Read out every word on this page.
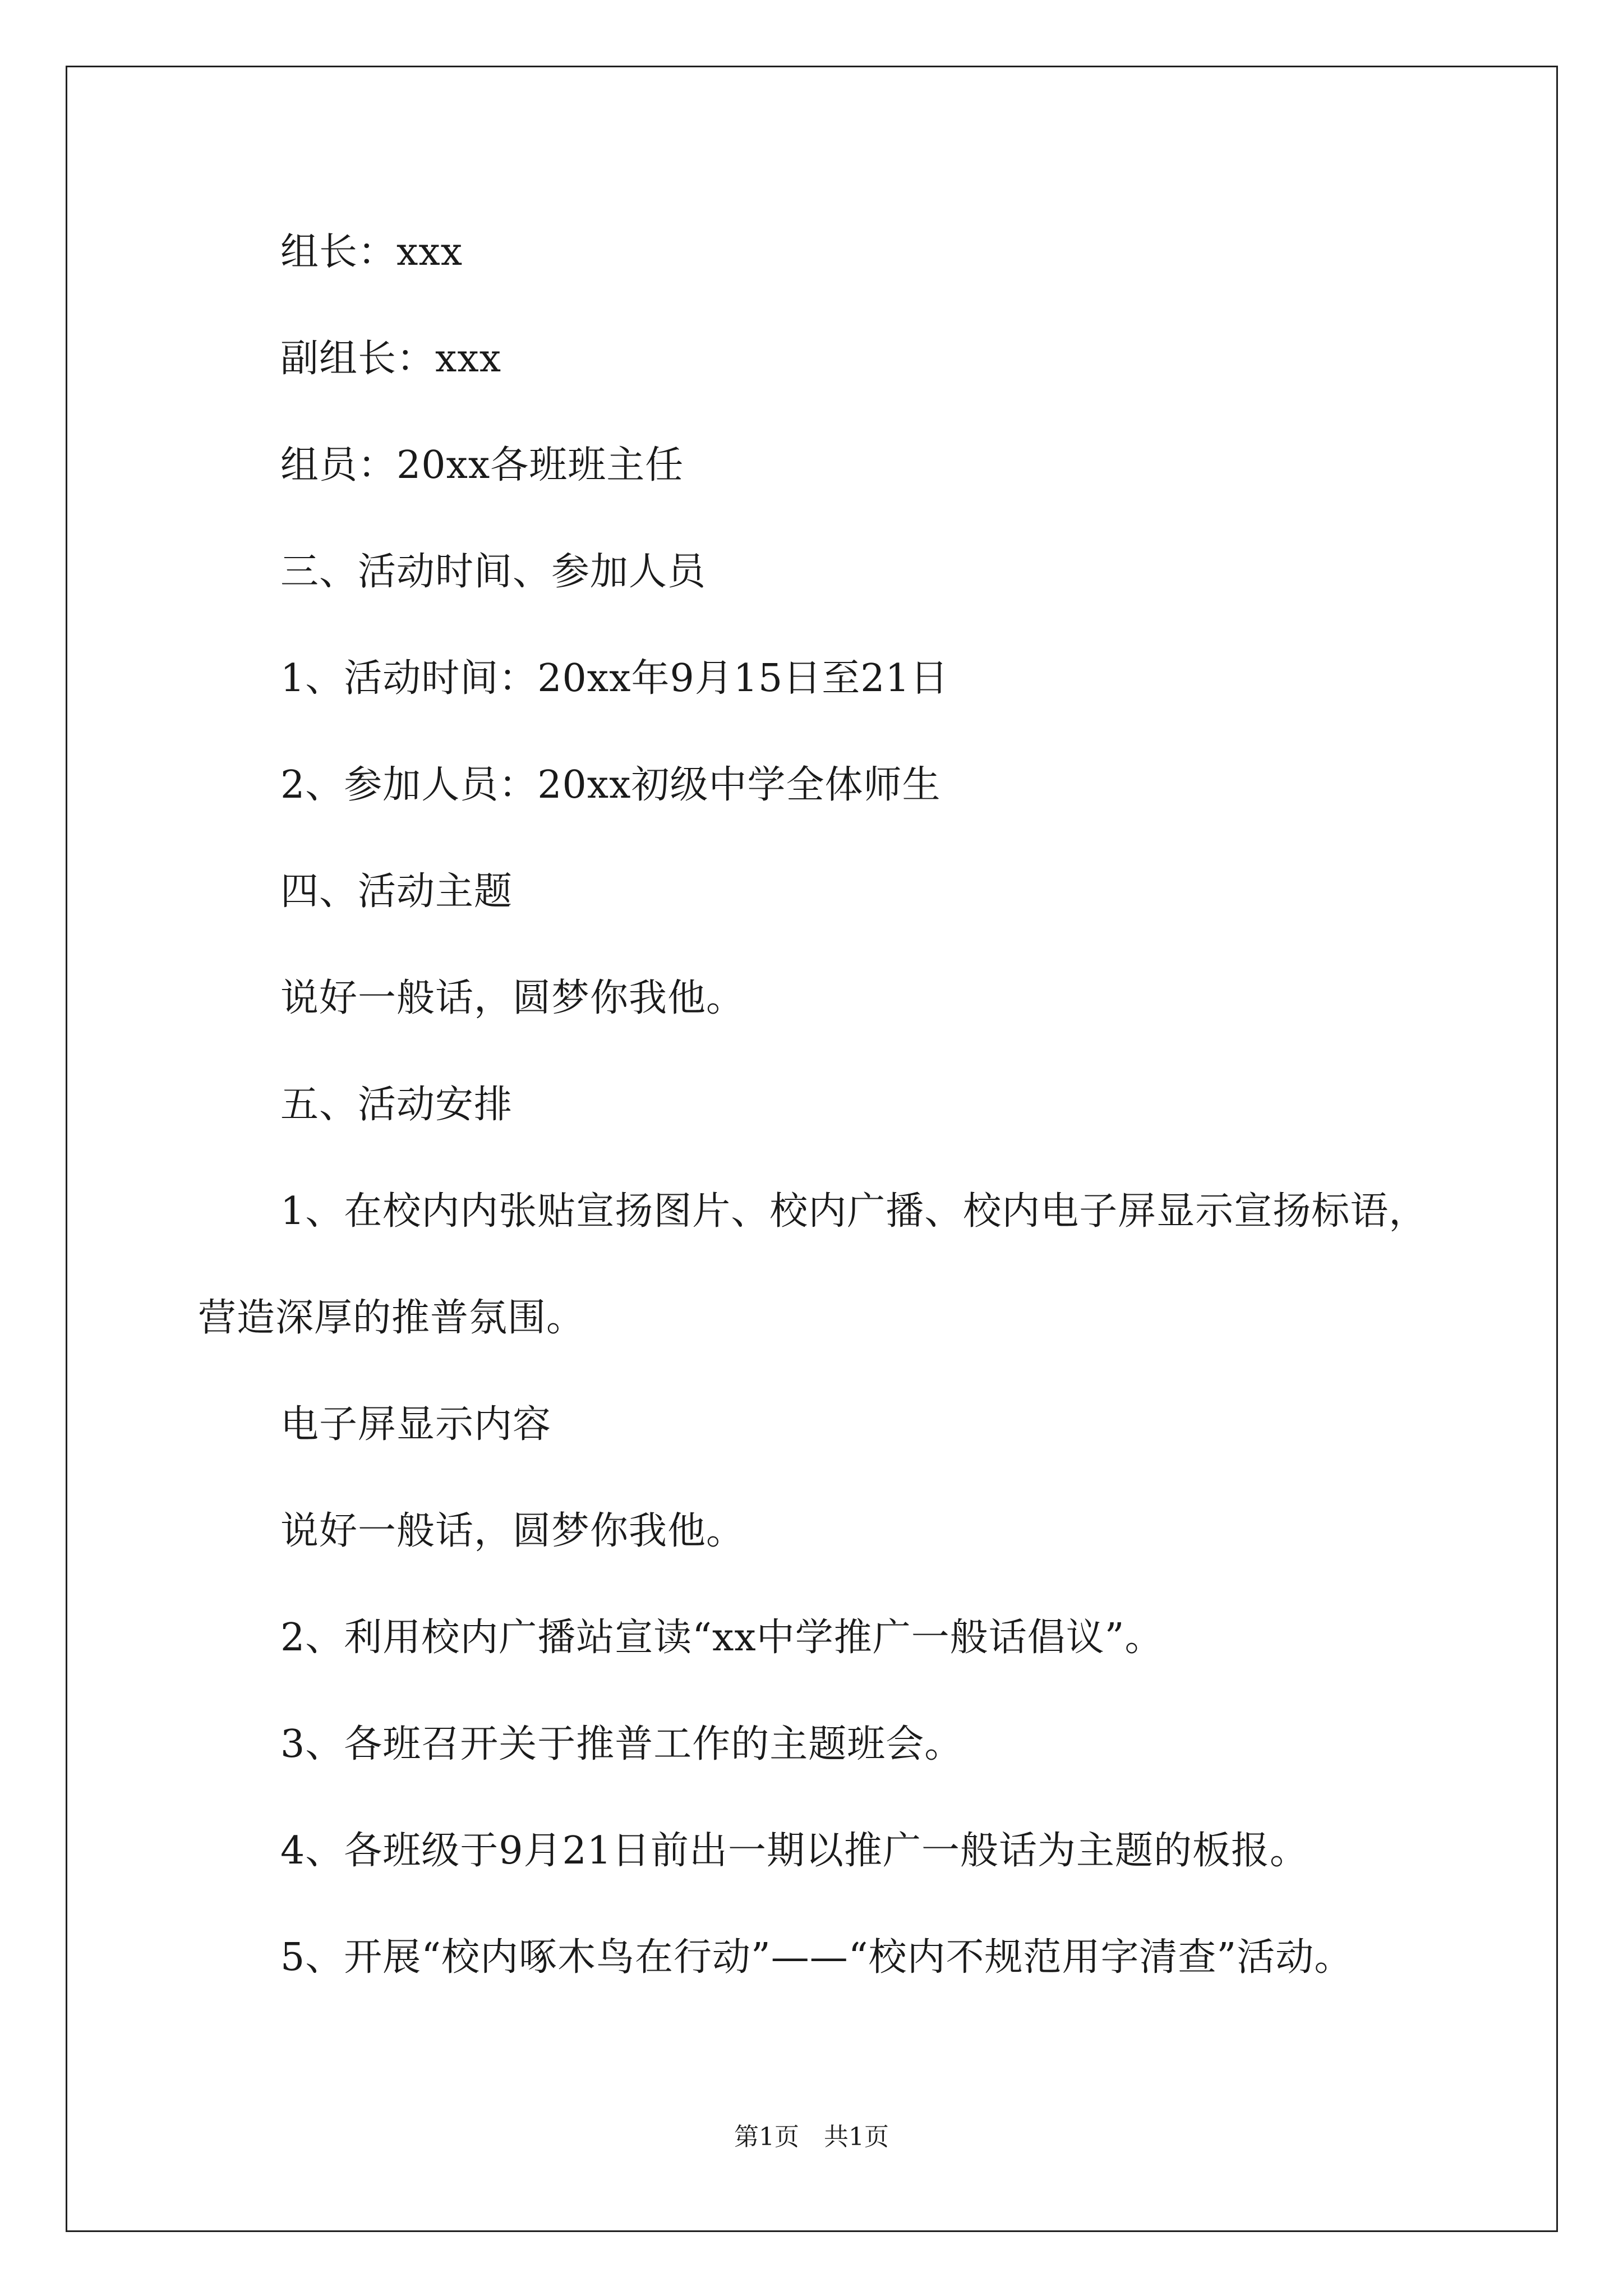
组长：xxx
副组长：xxx
组员：20xx各班班主任
三、活动时间、参加人员
1、活动时间：20xx年9月15日至21日
2、参加人员：20xx初级中学全体师生
四、活动主题
说好一般话，圆梦你我他。
五、活动安排
1、在校内内张贴宣扬图片、校内广播、校内电子屏显示宣扬标语，
营造深厚的推普氛围。
电子屏显示内容
说好一般话，圆梦你我他。
2、利用校内广播站宣读“xx中学推广一般话倡议”。
3、各班召开关于推普工作的主题班会。
4、各班级于9月21日前出一期以推广一般话为主题的板报。
5、开展“校内啄木鸟在行动”——“校内不规范用字清查”活动。
第1页　共1页
